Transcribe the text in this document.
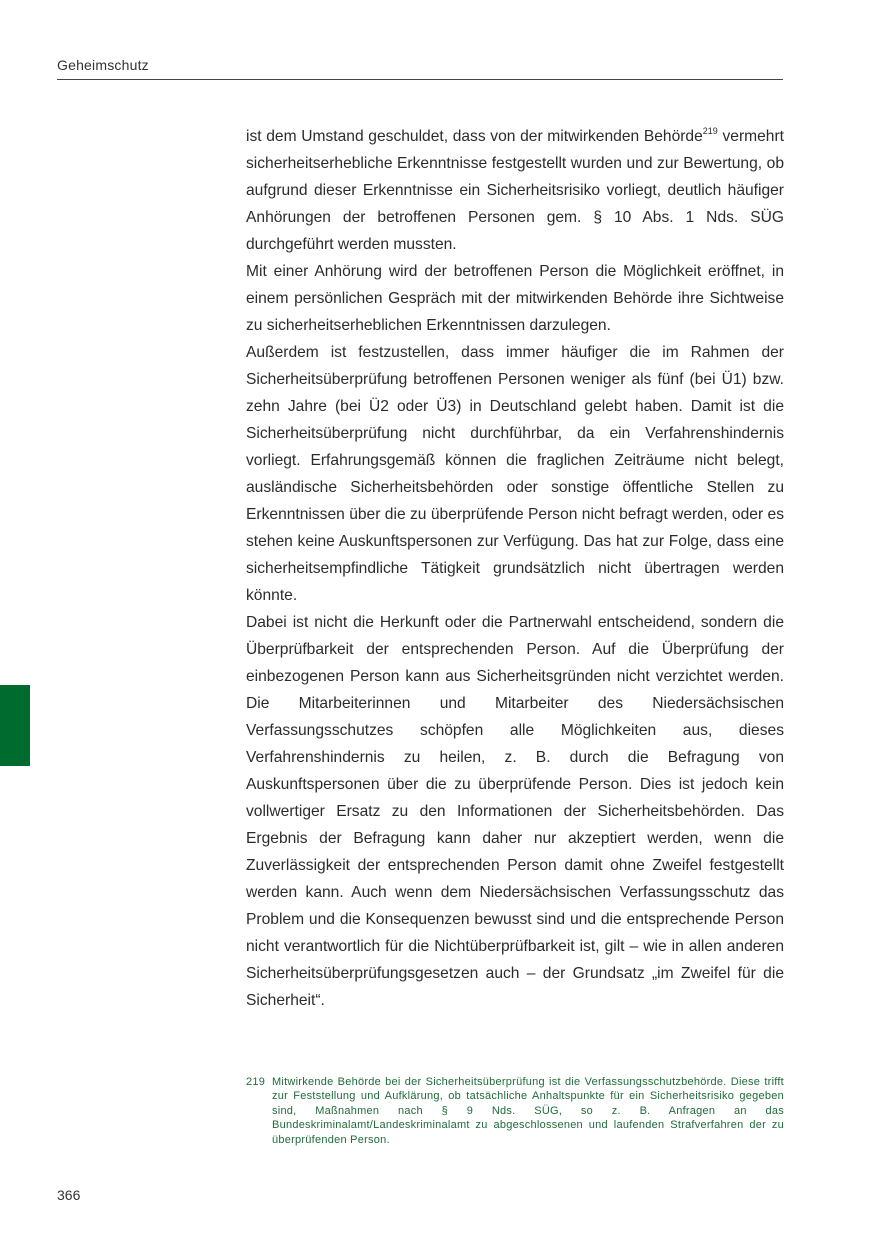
Geheimschutz

ist dem Umstand geschuldet, dass von der mitwirkenden Behörde$^{219}$ vermehrt sicherheitserhebliche Erkenntnisse festgestellt wurden und zur Bewertung, ob aufgrund dieser Erkenntnisse ein Sicherheitsrisiko vorliegt, deutlich häufiger Anhörungen der betroffenen Personen gem. § 10 Abs. 1 Nds. SÜG durchgeführt werden mussten.

Mit einer Anhörung wird der betroffenen Person die Möglichkeit eröffnet, in einem persönlichen Gespräch mit der mitwirkenden Behörde ihre Sichtweise zu sicherheitserheblichen Erkenntnissen darzulegen.

Außerdem ist festzustellen, dass immer häufiger die im Rahmen der Sicherheitsüberprüfung betroffenen Personen weniger als fünf (bei Ü1) bzw. zehn Jahre (bei Ü2 oder Ü3) in Deutschland gelebt haben. Damit ist die Sicherheitsüberprüfung nicht durchführbar, da ein Verfahrenshindernis vorliegt. Erfahrungsgemäß können die fraglichen Zeiträume nicht belegt, ausländische Sicherheitsbehörden oder sonstige öffentliche Stellen zu Erkenntnissen über die zu überprüfende Person nicht befragt werden, oder es stehen keine Auskunftspersonen zur Verfügung. Das hat zur Folge, dass eine sicherheitsempfindliche Tätigkeit grundsätzlich nicht übertragen werden könnte.

Dabei ist nicht die Herkunft oder die Partnerwahl entscheidend, sondern die Überprüfbarkeit der entsprechenden Person. Auf die Überprüfung der einbezogenen Person kann aus Sicherheitsgründen nicht verzichtet werden. Die Mitarbeiterinnen und Mitarbeiter des Niedersächsischen Verfassungsschutzes schöpfen alle Möglichkeiten aus, dieses Verfahrenshindernis zu heilen, z. B. durch die Befragung von Auskunftspersonen über die zu überprüfende Person. Dies ist jedoch kein vollwertiger Ersatz zu den Informationen der Sicherheitsbehörden. Das Ergebnis der Befragung kann daher nur akzeptiert werden, wenn die Zuverlässigkeit der entsprechenden Person damit ohne Zweifel festgestellt werden kann. Auch wenn dem Niedersächsischen Verfassungsschutz das Problem und die Konsequenzen bewusst sind und die entsprechende Person nicht verantwortlich für die Nichtüberprüfbarkeit ist, gilt – wie in allen anderen Sicherheitsüberprüfungsgesetzen auch – der Grundsatz „im Zweifel für die Sicherheit“.

219 Mitwirkende Behörde bei der Sicherheitsüberprüfung ist die Verfassungsschutzbehörde. Diese trifft zur Feststellung und Aufklärung, ob tatsächliche Anhaltspunkte für ein Sicherheitsrisiko gegeben sind, Maßnahmen nach § 9 Nds. SÜG, so z. B. Anfragen an das Bundeskriminalamt/Landeskriminalamt zu abgeschlossenen und laufenden Strafverfahren der zu überprüfenden Person.
366
